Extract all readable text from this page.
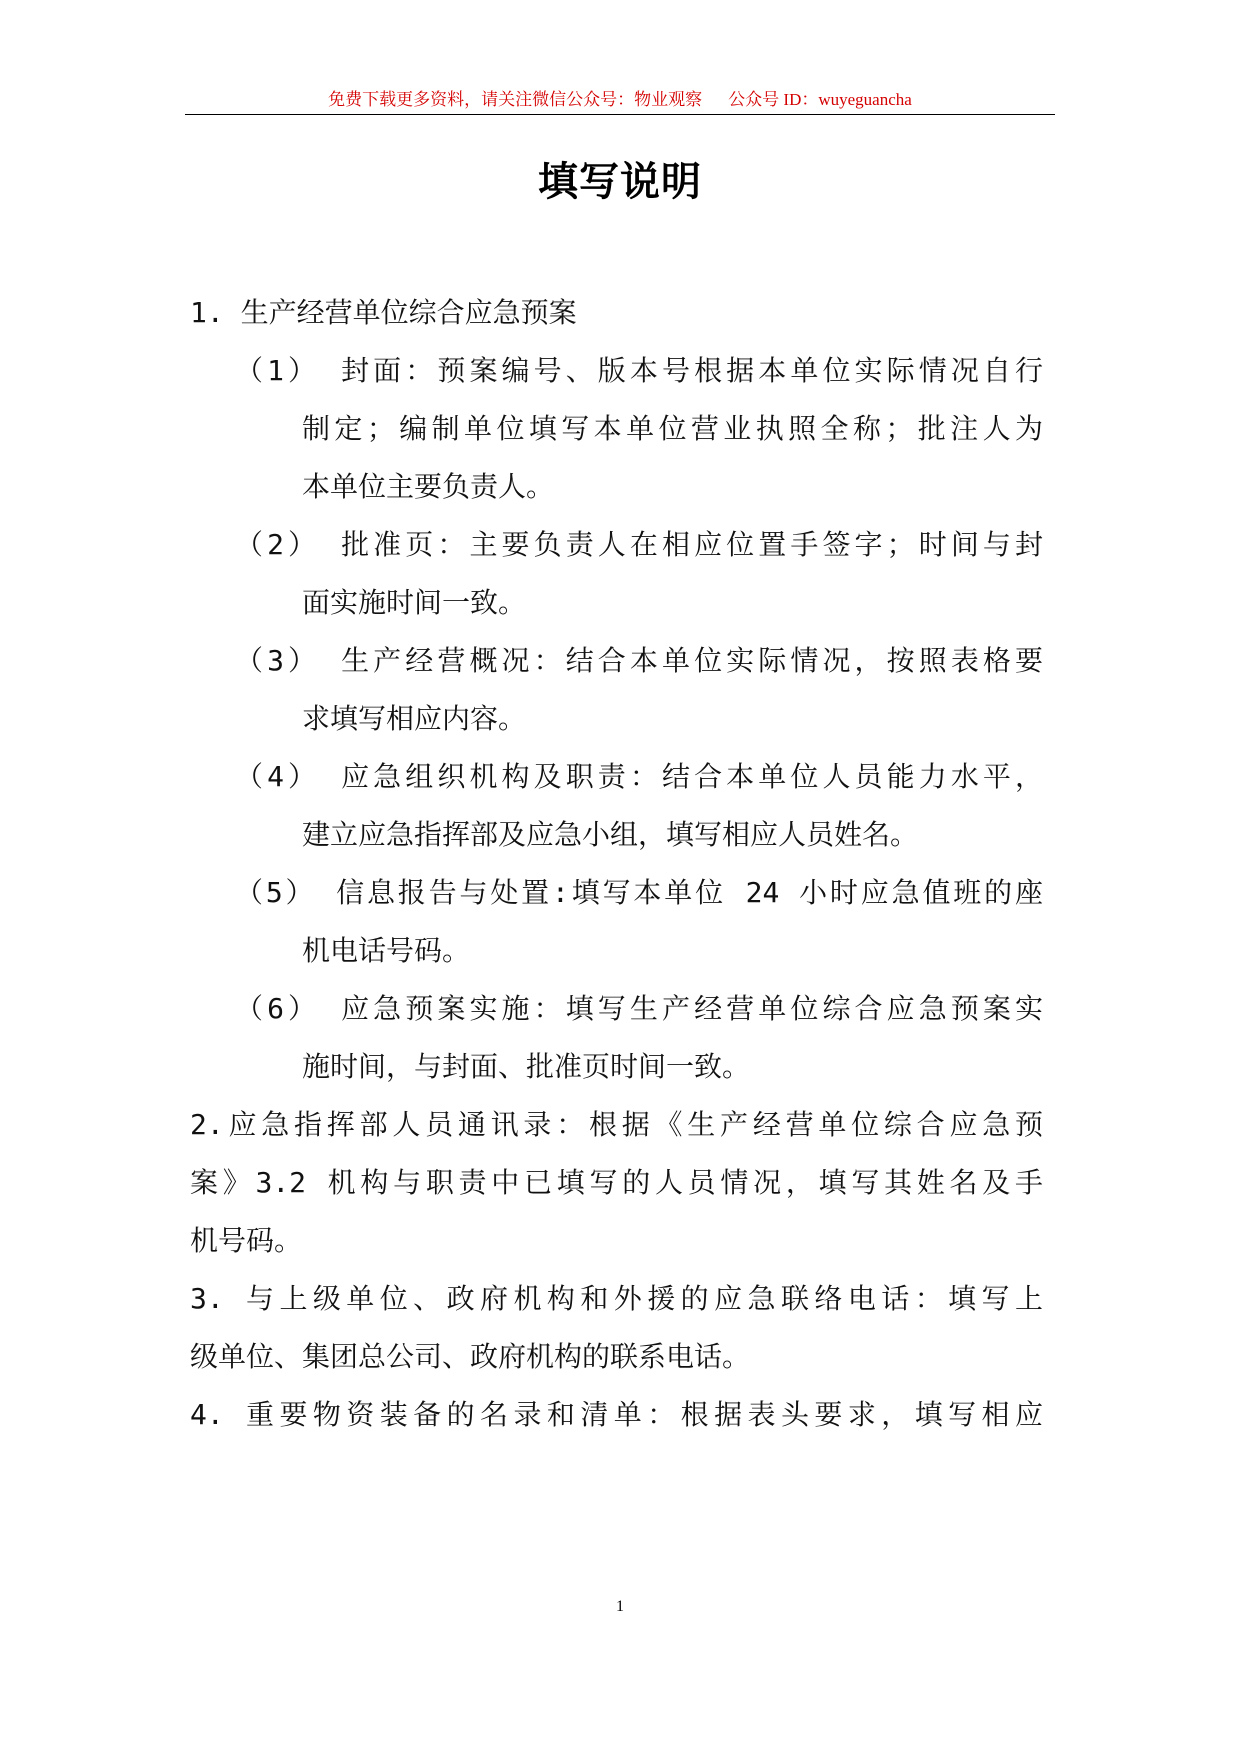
免费下载更多资料，请关注微信公众号：物业观察 公众号 ID：wuyeguancha
填写说明
1. 生产经营单位综合应急预案
（1） 封面：预案编号、版本号根据本单位实际情况自行
制定；编制单位填写本单位营业执照全称；批注人为
本单位主要负责人。
（2） 批准页：主要负责人在相应位置手签字；时间与封
面实施时间一致。
（3） 生产经营概况：结合本单位实际情况，按照表格要
求填写相应内容。
（4） 应急组织机构及职责：结合本单位人员能力水平，
建立应急指挥部及应急小组，填写相应人员姓名。
（5） 信息报告与处置:填写本单位 24 小时应急值班的座
机电话号码。
（6） 应急预案实施：填写生产经营单位综合应急预案实
施时间，与封面、批准页时间一致。
2.应急指挥部人员通讯录：根据《生产经营单位综合应急预
案》3.2 机构与职责中已填写的人员情况，填写其姓名及手
机号码。
3. 与上级单位、政府机构和外援的应急联络电话：填写上
级单位、集团总公司、政府机构的联系电话。
4. 重要物资装备的名录和清单：根据表头要求，填写相应
1
